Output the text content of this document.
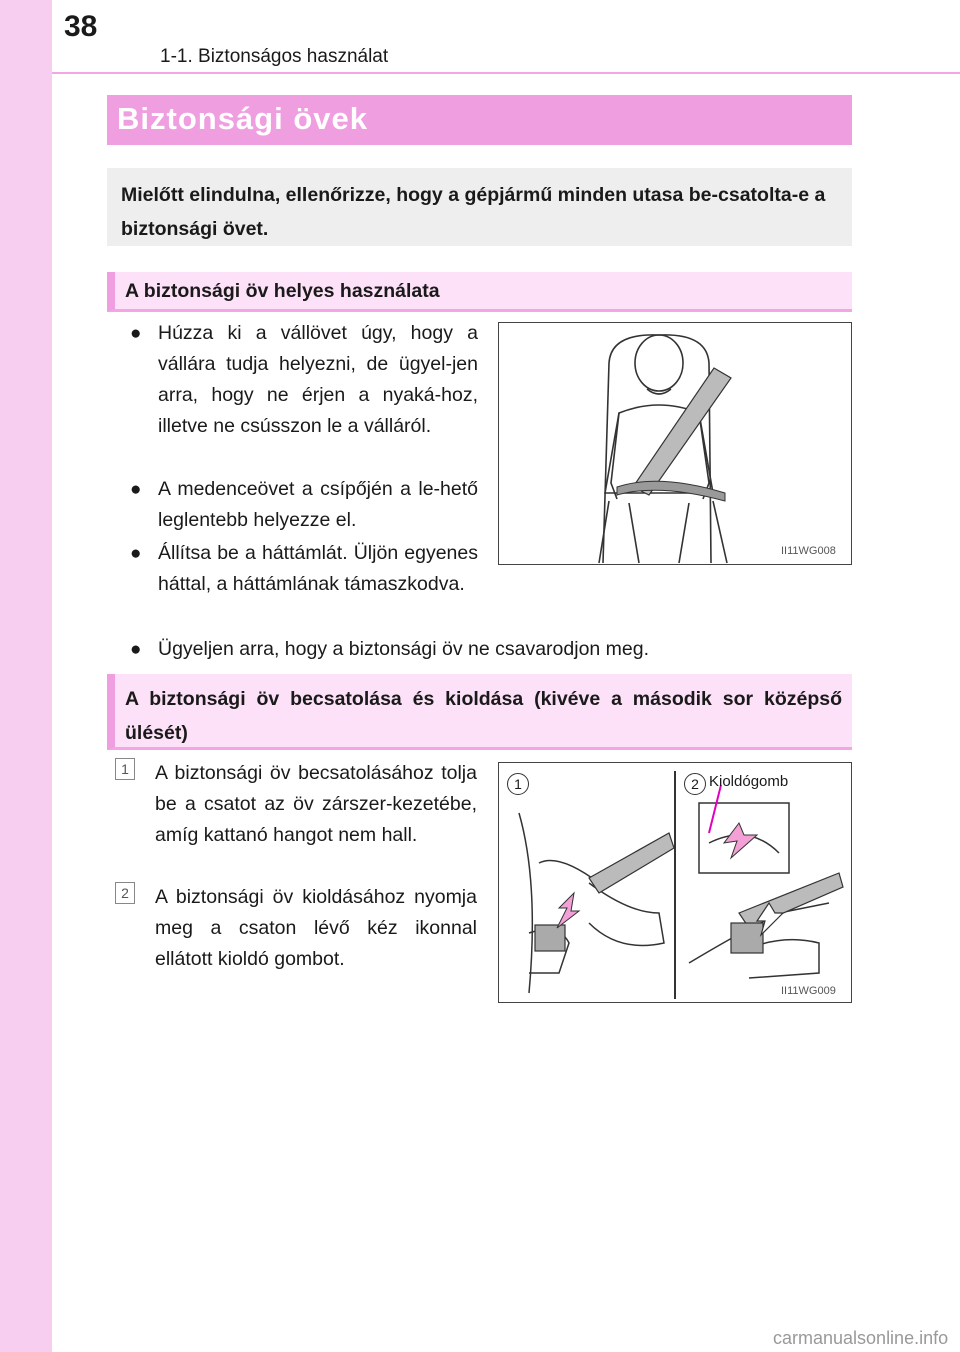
38
1-1. Biztonságos használat
Biztonsági övek

Mielőtt elindulna, ellenőrizze, hogy a gépjármű minden utasa be-csatolta-e a biztonsági övet.

A biztonsági öv helyes használata
● Húzza ki a vállövet úgy, hogy a vállára tudja helyezni, de ügyel-jen arra, hogy ne érjen a nyaká-hoz, illetve ne csússzon le a válláról.
● A medenceövet a csípőjén a le-hető leglentebb helyezze el.
● Állítsa be a háttámlát. Üljön egyenes háttal, a háttámlának támaszkodva.
● Ügyeljen arra, hogy a biztonsági öv ne csavarodjon meg.
II11WG008
A biztonsági öv becsatolása és kioldása (kivéve a második sor középső ülését)
1	A biztonsági öv becsatolásához tolja be a csatot az öv zárszer-kezetébe, amíg kattanó hangot nem hall.
2	A biztonsági öv kioldásához nyomja meg a csaton lévő kéz ikonnal ellátott kioldó gombot.
1	2 Kioldógomb
II11WG009
carmanualsonline.info
